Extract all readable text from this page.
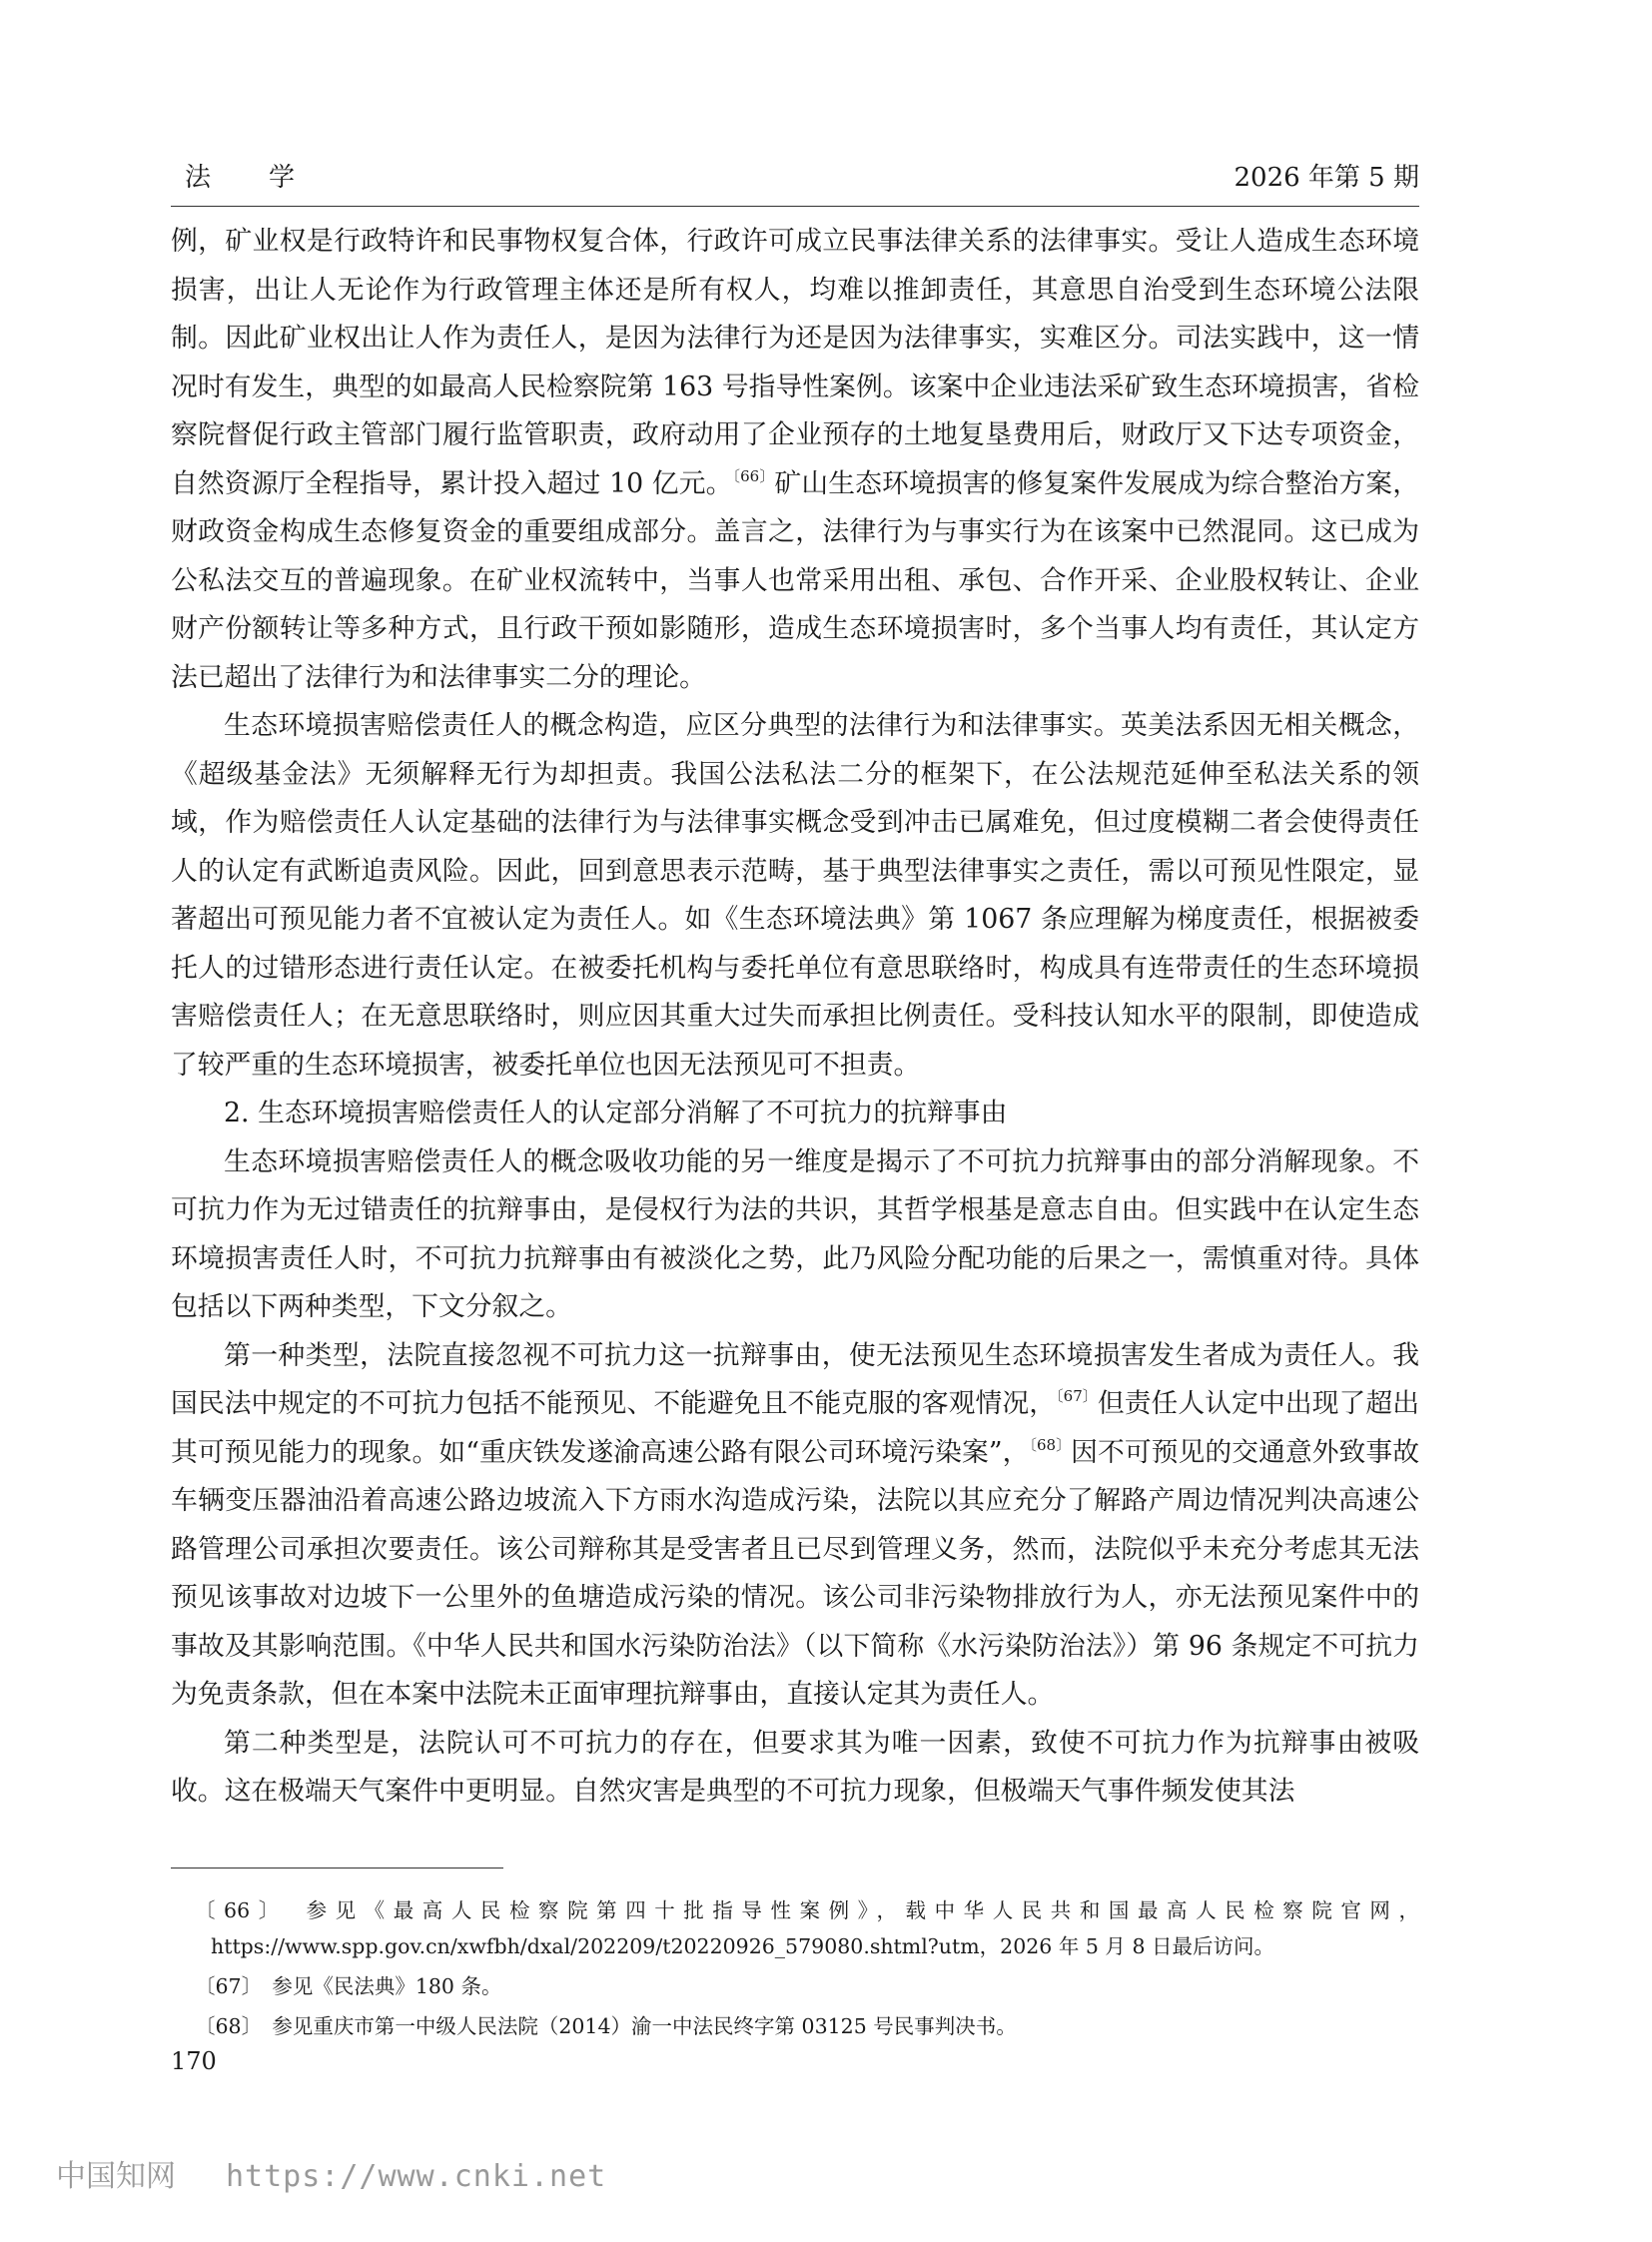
法　学	2026 年第 5 期

例，矿业权是行政特许和民事物权复合体，行政许可成立民事法律关系的法律事实。受让人造成生态环境损害，出让人无论作为行政管理主体还是所有权人，均难以推卸责任，其意思自治受到生态环境公法限制。因此矿业权出让人作为责任人，是因为法律行为还是因为法律事实，实难区分。司法实践中，这一情况时有发生，典型的如最高人民检察院第 163 号指导性案例。该案中企业违法采矿致生态环境损害，省检察院督促行政主管部门履行监管职责，政府动用了企业预存的土地复垦费用后，财政厅又下达专项资金，自然资源厅全程指导，累计投入超过 10 亿元。$^{〔66〕}$矿山生态环境损害的修复案件发展成为综合整治方案，财政资金构成生态修复资金的重要组成部分。盖言之，法律行为与事实行为在该案中已然混同。这已成为公私法交互的普遍现象。在矿业权流转中，当事人也常采用出租、承包、合作开采、企业股权转让、企业财产份额转让等多种方式，且行政干预如影随形，造成生态环境损害时，多个当事人均有责任，其认定方法已超出了法律行为和法律事实二分的理论。

生态环境损害赔偿责任人的概念构造，应区分典型的法律行为和法律事实。英美法系因无相关概念，《超级基金法》无须解释无行为却担责。我国公法私法二分的框架下，在公法规范延伸至私法关系的领域，作为赔偿责任人认定基础的法律行为与法律事实概念受到冲击已属难免，但过度模糊二者会使得责任人的认定有武断追责风险。因此，回到意思表示范畴，基于典型法律事实之责任，需以可预见性限定，显著超出可预见能力者不宜被认定为责任人。如《生态环境法典》第 1067 条应理解为梯度责任，根据被委托人的过错形态进行责任认定。在被委托机构与委托单位有意思联络时，构成具有连带责任的生态环境损害赔偿责任人；在无意思联络时，则应因其重大过失而承担比例责任。受科技认知水平的限制，即使造成了较严重的生态环境损害，被委托单位也因无法预见可不担责。

2. 生态环境损害赔偿责任人的认定部分消解了不可抗力的抗辩事由

生态环境损害赔偿责任人的概念吸收功能的另一维度是揭示了不可抗力抗辩事由的部分消解现象。不可抗力作为无过错责任的抗辩事由，是侵权行为法的共识，其哲学根基是意志自由。但实践中在认定生态环境损害责任人时，不可抗力抗辩事由有被淡化之势，此乃风险分配功能的后果之一，需慎重对待。具体包括以下两种类型，下文分叙之。

第一种类型，法院直接忽视不可抗力这一抗辩事由，使无法预见生态环境损害发生者成为责任人。我国民法中规定的不可抗力包括不能预见、不能避免且不能克服的客观情况，$^{〔67〕}$但责任人认定中出现了超出其可预见能力的现象。如“重庆铁发遂渝高速公路有限公司环境污染案”，$^{〔68〕}$因不可预见的交通意外致事故车辆变压器油沿着高速公路边坡流入下方雨水沟造成污染，法院以其应充分了解路产周边情况判决高速公路管理公司承担次要责任。该公司辩称其是受害者且已尽到管理义务，然而，法院似乎未充分考虑其无法预见该事故对边坡下一公里外的鱼塘造成污染的情况。该公司非污染物排放行为人，亦无法预见案件中的事故及其影响范围。《中华人民共和国水污染防治法》（以下简称《水污染防治法》）第 96 条规定不可抗力为免责条款，但在本案中法院未正面审理抗辩事由，直接认定其为责任人。

第二种类型是，法院认可不可抗力的存在，但要求其为唯一因素，致使不可抗力作为抗辩事由被吸收。这在极端天气案件中更明显。自然灾害是典型的不可抗力现象，但极端天气事件频发使其法

〔66〕　参见《最高人民检察院第四十批指导性案例》，载中华人民共和国最高人民检察院官网，https://www.spp.gov.cn/xwfbh/dxal/202209/t20220926_579080.shtml?utm，2026 年 5 月 8 日最后访问。

〔67〕　参见《民法典》180 条。

〔68〕　参见重庆市第一中级人民法院（2014）渝一中法民终字第 03125 号民事判决书。

170
中国知网 https://www.cnki.net
